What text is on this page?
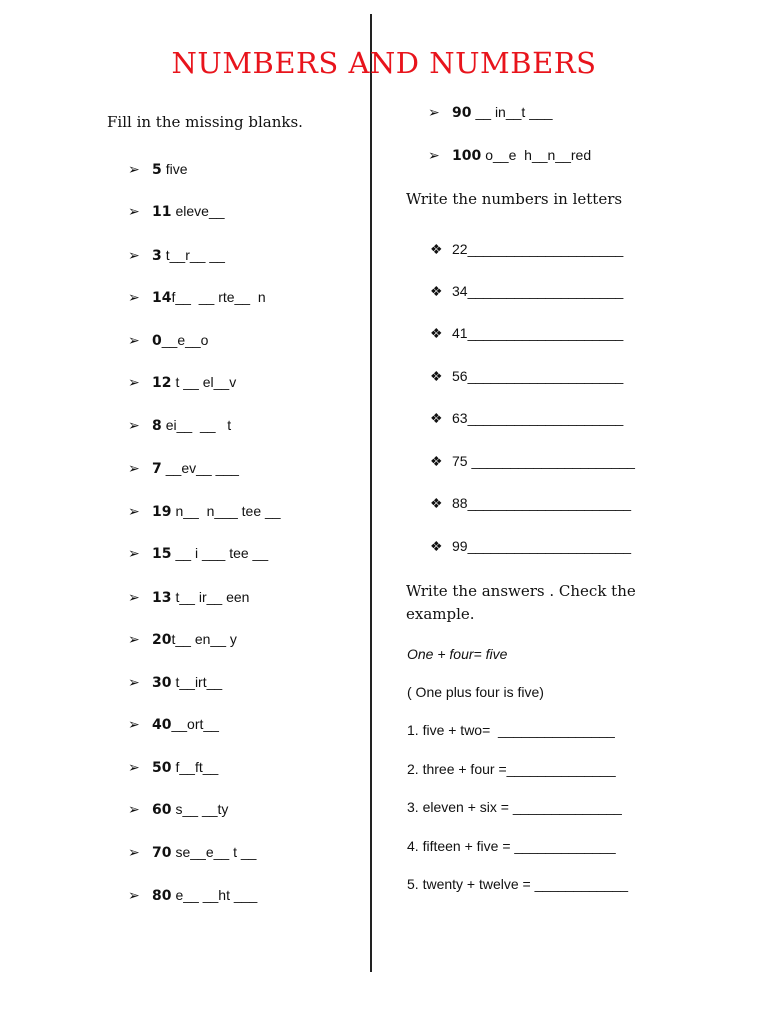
NUMBERS AND NUMBERS

Fill in the missing blanks.

➢ 5 five
➢ 11 eleve__
➢ 3 t__r__ __
➢ 14f__  __ rte__  n
➢ 0__e__o
➢ 12 t __ el__v
➢ 8 ei__  __   t
➢ 7 __ev__ ___
➢ 19 n__  n___ tee __
➢ 15 __ i ___ tee __
➢ 13 t__ ir__ een
➢ 20t__ en__ y
➢ 30 t__irt__
➢ 40__ort__
➢ 50 f__ft__
➢ 60 s__ __ty
➢ 70 se__e__ t __
➢ 80 e__ __ht ___
➢ 90 __ in__t ___
➢ 100 o__e  h__n__red

Write the numbers in letters

❖ 22____________________
❖ 34____________________
❖ 41____________________
❖ 56____________________
❖ 63____________________
❖ 75 _____________________
❖ 88_____________________
❖ 99_____________________

Write the answers . Check the
example.

One + four= five
( One plus four is five)
1. five + two=  _______________
2. three + four =______________
3. eleven + six = ______________
4. fifteen + five = _____________
5. twenty + twelve = ____________
